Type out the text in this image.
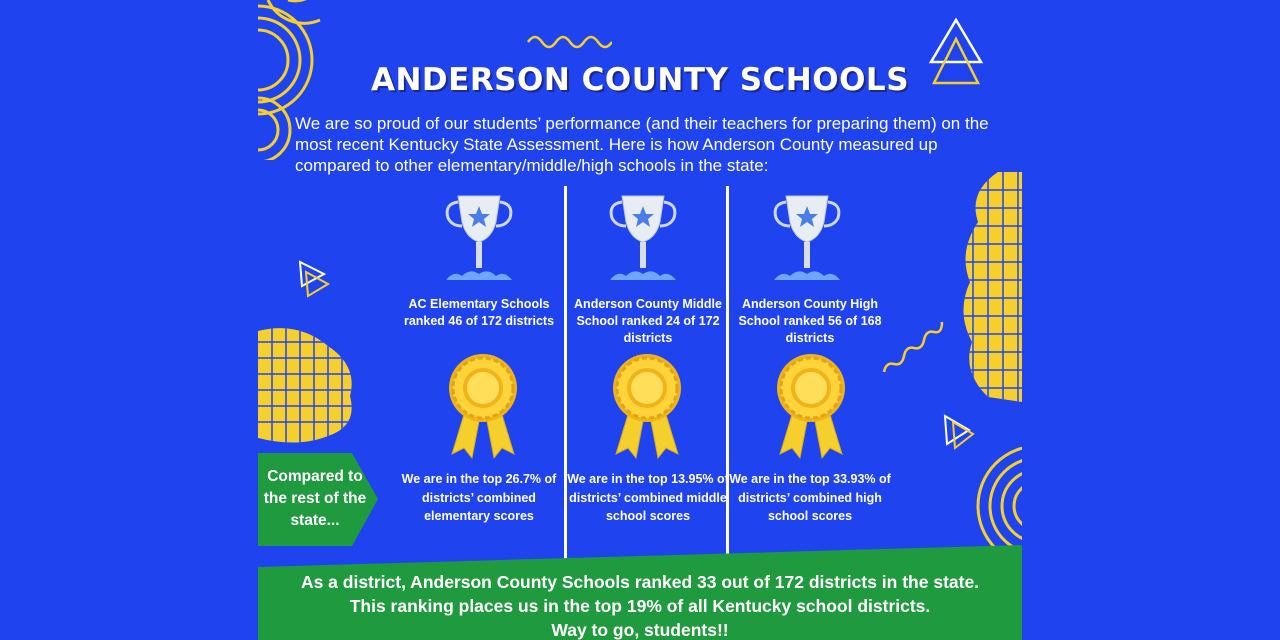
ANDERSON COUNTY SCHOOLS
We are so proud of our students’ performance (and their teachers for preparing them) on the most recent Kentucky State Assessment. Here is how Anderson County measured up compared to other elementary/middle/high schools in the state:
AC Elementary Schools ranked 46 of 172 districts
We are in the top 26.7% of districts’ combined elementary scores
Anderson County Middle School ranked 24 of 172 districts
We are in the top 13.95% of districts’ combined middle school scores
Anderson County High School ranked 56 of 168 districts
We are in the top 33.93% of districts’ combined high school scores
Compared to the rest of the state...
As a district, Anderson County Schools ranked 33 out of 172 districts in the state.
This ranking places us in the top 19% of all Kentucky school districts.
Way to go, students!!
